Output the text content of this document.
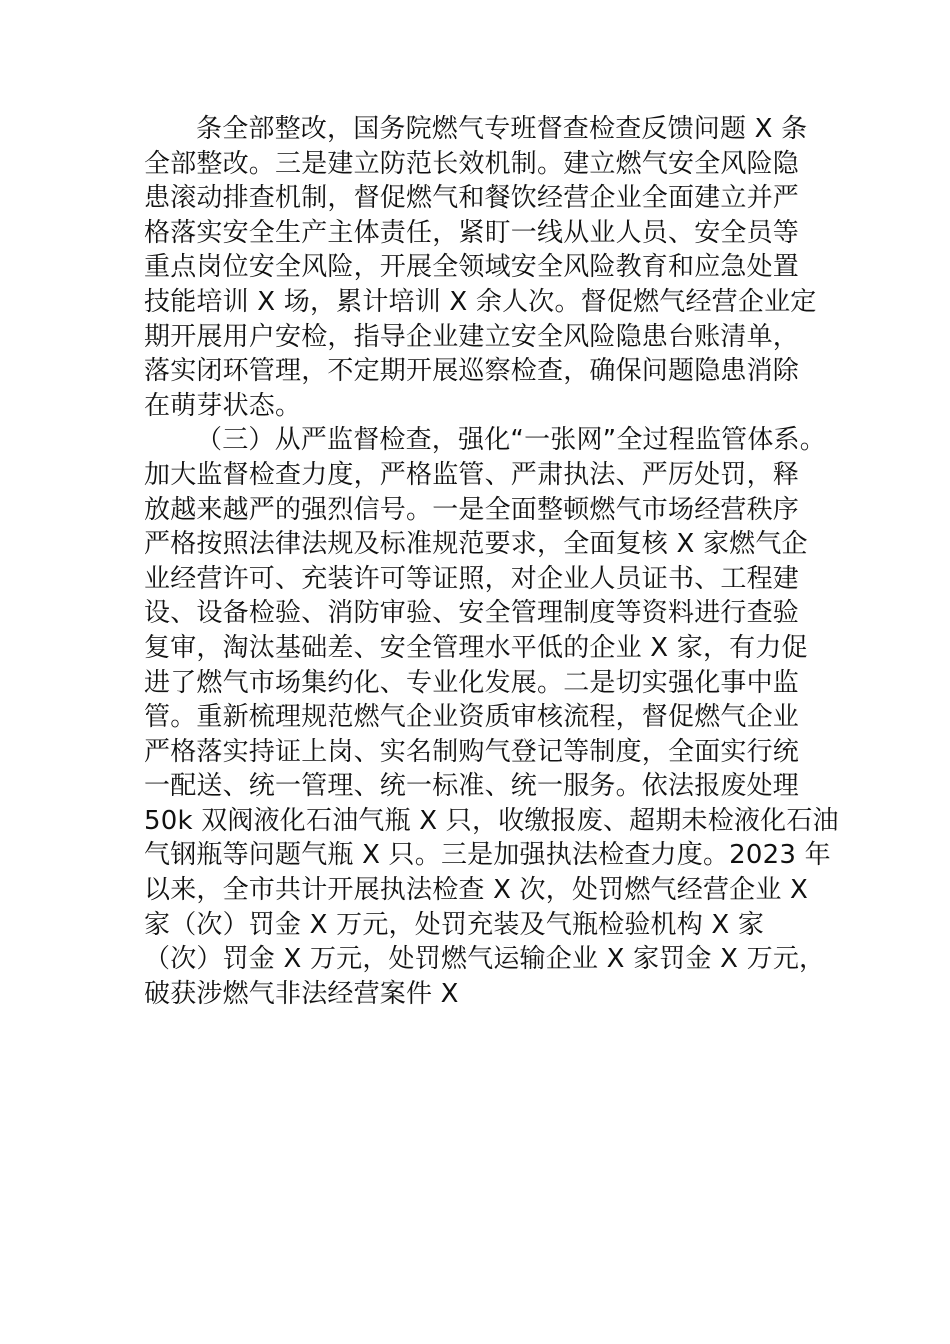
条全部整改，国务院燃气专班督查检查反馈问题 X 条
全部整改。三是建立防范长效机制。建立燃气安全风险隐
患滚动排查机制，督促燃气和餐饮经营企业全面建立并严
格落实安全生产主体责任，紧盯一线从业人员、安全员等
重点岗位安全风险，开展全领域安全风险教育和应急处置
技能培训 X 场，累计培训 X 余人次。督促燃气经营企业定
期开展用户安检，指导企业建立安全风险隐患台账清单，
落实闭环管理，不定期开展巡察检查，确保问题隐患消除
在萌芽状态。
（三）从严监督检查，强化“一张网”全过程监管体系。
加大监督检查力度，严格监管、严肃执法、严厉处罚，释
放越来越严的强烈信号。一是全面整顿燃气市场经营秩序
严格按照法律法规及标准规范要求，全面复核 X 家燃气企
业经营许可、充装许可等证照，对企业人员证书、工程建
设、设备检验、消防审验、安全管理制度等资料进行查验
复审，淘汰基础差、安全管理水平低的企业 X 家，有力促
进了燃气市场集约化、专业化发展。二是切实强化事中监
管。重新梳理规范燃气企业资质审核流程，督促燃气企业
严格落实持证上岗、实名制购气登记等制度，全面实行统
一配送、统一管理、统一标准、统一服务。依法报废处理
50k 双阀液化石油气瓶 X 只，收缴报废、超期未检液化石油
气钢瓶等问题气瓶 X 只。三是加强执法检查力度。2023 年
以来，全市共计开展执法检查 X 次，处罚燃气经营企业 X
家（次）罚金 X 万元，处罚充装及气瓶检验机构 X 家
（次）罚金 X 万元，处罚燃气运输企业 X 家罚金 X 万元，
破获涉燃气非法经营案件 X
